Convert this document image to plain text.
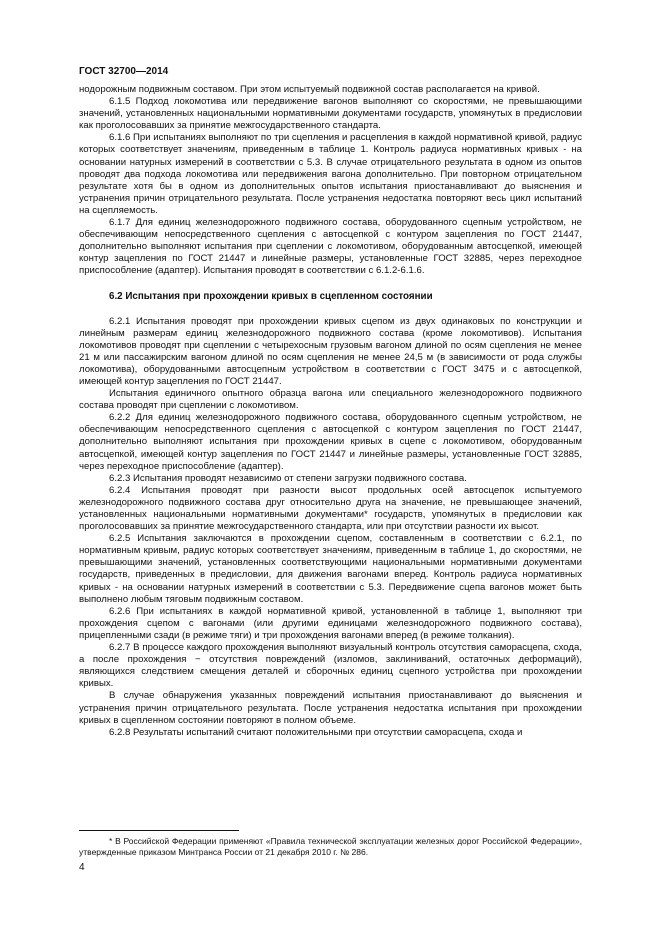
ГОСТ 32700—2014

нодорожным подвижным составом. При этом испытуемый подвижной состав располагается на кривой.

6.1.5 Подход локомотива или передвижение вагонов выполняют со скоростями, не превышающими значений, установленных национальными нормативными документами государств, упомянутых в предисловии как проголосовавших за принятие межгосударственного стандарта.

6.1.6 При испытаниях выполняют по три сцепления и расцепления в каждой нормативной кривой, радиус которых соответствует значениям, приведенным в таблице 1. Контроль радиуса нормативных кривых - на основании натурных измерений в соответствии с 5.3. В случае отрицательного результата в одном из опытов проводят два подхода локомотива или передвижения вагона дополнительно. При повторном отрицательном результате хотя бы в одном из дополнительных опытов испытания приостанавливают до выяснения и устранения причин отрицательного результата. После устранения недостатка повторяют весь цикл испытаний на сцепляемость.

6.1.7 Для единиц железнодорожного подвижного состава, оборудованного сцепным устройством, не обеспечивающим непосредственного сцепления с автосцепкой с контуром зацепления по ГОСТ 21447, дополнительно выполняют испытания при сцеплении с локомотивом, оборудованным автосцепкой, имеющей контур зацепления по ГОСТ 21447 и линейные размеры, установленные ГОСТ 32885, через переходное приспособление (адаптер). Испытания проводят в соответствии с 6.1.2-6.1.6.

6.2 Испытания при прохождении кривых в сцепленном состоянии

6.2.1 Испытания проводят при прохождении кривых сцепом из двух одинаковых по конструкции и линейным размерам единиц железнодорожного подвижного состава (кроме локомотивов). Испытания локомотивов проводят при сцеплении с четырехосным грузовым вагоном длиной по осям сцепления не менее 21 м или пассажирским вагоном длиной по осям сцепления не менее 24,5 м (в зависимости от рода службы локомотива), оборудованными автосцепным устройством в соответствии с ГОСТ 3475 и с автосцепкой, имеющей контур зацепления по ГОСТ 21447.

Испытания единичного опытного образца вагона или специального железнодорожного подвижного состава проводят при сцеплении с локомотивом.

6.2.2 Для единиц железнодорожного подвижного состава, оборудованного сцепным устройством, не обеспечивающим непосредственного сцепления с автосцепкой с контуром зацепления по ГОСТ 21447, дополнительно выполняют испытания при прохождении кривых в сцепе с локомотивом, оборудованным автосцепкой, имеющей контур зацепления по ГОСТ 21447 и линейные размеры, установленные ГОСТ 32885, через переходное приспособление (адаптер).

6.2.3 Испытания проводят независимо от степени загрузки подвижного состава.

6.2.4 Испытания проводят при разности высот продольных осей автосцепок испытуемого железнодорожного подвижного состава друг относительно друга на значение, не превышающее значений, установленных национальными нормативными документами* государств, упомянутых в предисловии как проголосовавших за принятие межгосударственного стандарта, или при отсутствии разности их высот.

6.2.5 Испытания заключаются в прохождении сцепом, составленным в соответствии с 6.2.1, по нормативным кривым, радиус которых соответствует значениям, приведенным в таблице 1, до скоростями, не превышающими значений, установленных соответствующими национальными нормативными документами государств, приведенных в предисловии, для движения вагонами вперед. Контроль радиуса нормативных кривых - на основании натурных измерений в соответствии с 5.3. Передвижение сцепа вагонов может быть выполнено любым тяговым подвижным составом.

6.2.6 При испытаниях в каждой нормативной кривой, установленной в таблице 1, выполняют три прохождения сцепом с вагонами (или другими единицами железнодорожного подвижного состава), прицепленными сзади (в режиме тяги) и три прохождения вагонами вперед (в режиме толкания).

6.2.7 В процессе каждого прохождения выполняют визуальный контроль отсутствия саморасцепа, схода, а после прохождения − отсутствия повреждений (изломов, заклиниваний, остаточных деформаций), являющихся следствием смещения деталей и сборочных единиц сцепного устройства при прохождении кривых.

В случае обнаружения указанных повреждений испытания приостанавливают до выяснения и устранения причин отрицательного результата. После устранения недостатка испытания при прохождении кривых в сцепленном состоянии повторяют в полном объеме.

6.2.8 Результаты испытаний считают положительными при отсутствии саморасцепа, схода и

* В Российской Федерации применяют «Правила технической эксплуатации железных дорог Российской Федерации», утвержденные приказом Минтранса России от 21 декабря 2010 г. № 286.
4
